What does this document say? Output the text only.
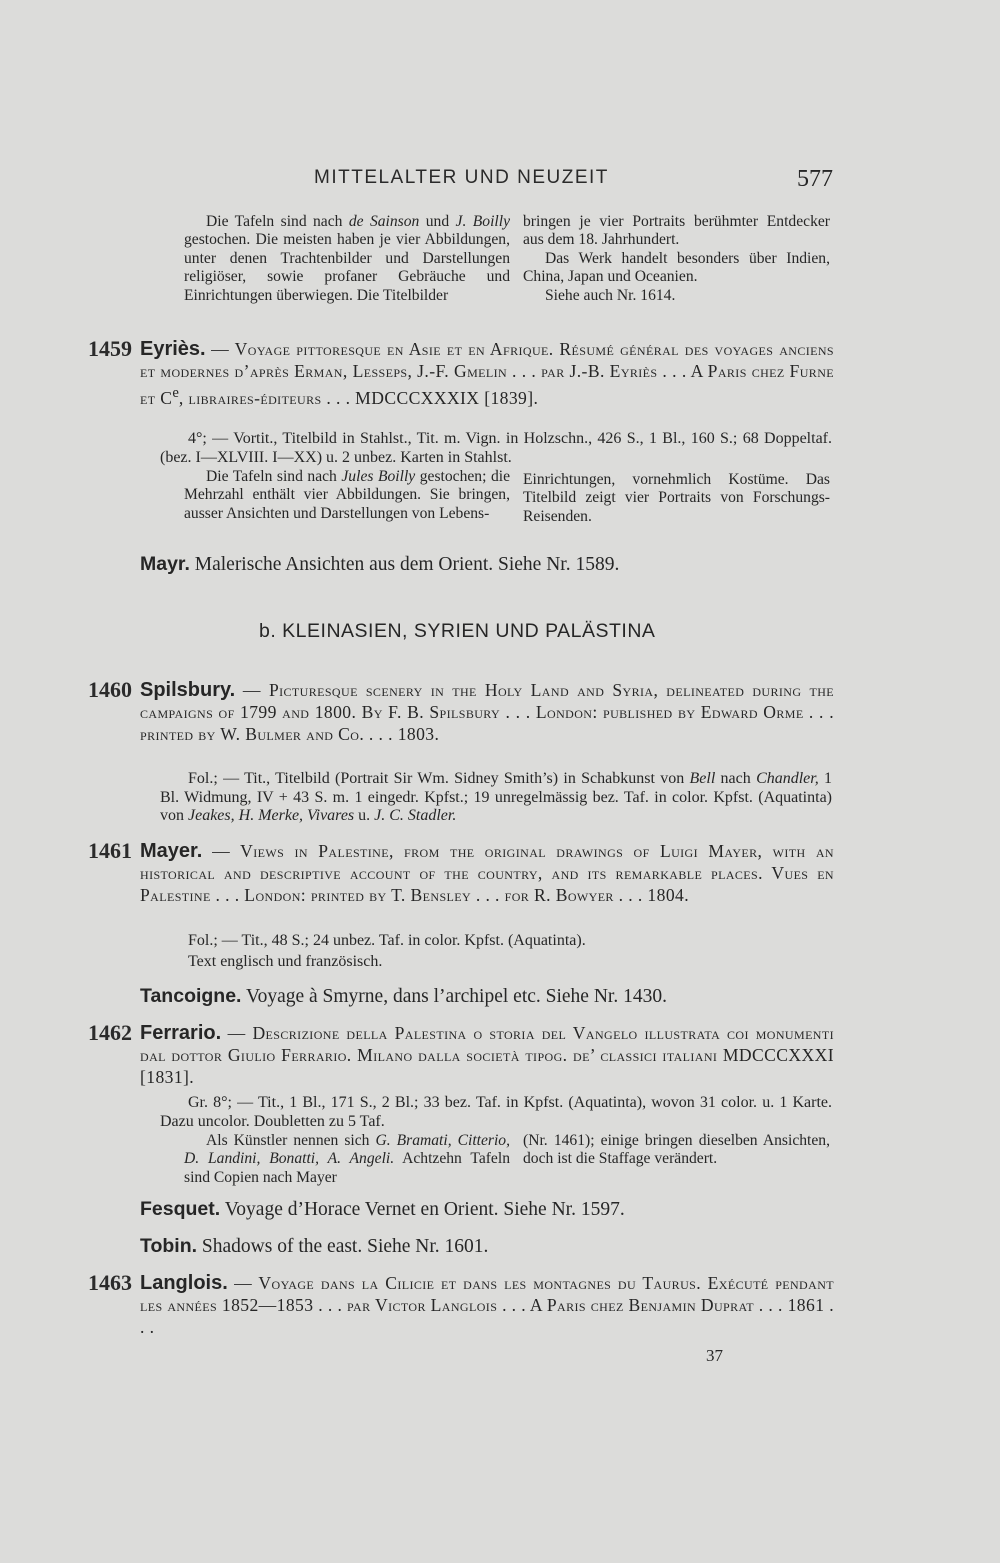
MITTELALTER UND NEUZEIT	577
Die Tafeln sind nach de Sainson und J. Boilly gestochen. Die meisten haben je vier Abbildungen, unter denen Trachtenbilder und Darstellungen religiöser, sowie profaner Gebräuche und Einrichtungen überwiegen. Die Titelbilder
bringen je vier Portraits berühmter Entdecker aus dem 18. Jahrhundert.
Das Werk handelt besonders über Indien, China, Japan und Oceanien.
Siehe auch Nr. 1614.
1459 Eyriès. — Voyage pittoresque en Asie et en Afrique. Résumé général des voyages anciens et modernes d’après Erman, Lesseps, J.-F. Gmelin . . . par J.-B. Eyriès . . . A Paris chez Furne et Ce, libraires-éditeurs . . . MDCCCXXXIX [1839].
4°; — Vortit., Titelbild in Stahlst., Tit. m. Vign. in Holzschn., 426 S., 1 Bl., 160 S.; 68 Doppeltaf. (bez. I—XLVIII. I—XX) u. 2 unbez. Karten in Stahlst.
Die Tafeln sind nach Jules Boilly gestochen; die Mehrzahl enthält vier Abbildungen. Sie bringen, ausser Ansichten und Darstellungen von Lebens-
Einrichtungen, vornehmlich Kostüme. Das Titelbild zeigt vier Portraits von Forschungs-Reisenden.
Mayr. Malerische Ansichten aus dem Orient. Siehe Nr. 1589.
b. KLEINASIEN, SYRIEN UND PALÄSTINA
1460 Spilsbury. — Picturesque scenery in the Holy Land and Syria, delineated during the campaigns of 1799 and 1800. By F. B. Spilsbury . . . London: published by Edward Orme . . . printed by W. Bulmer and Co. . . . 1803.
Fol.; — Tit., Titelbild (Portrait Sir Wm. Sidney Smith’s) in Schabkunst von Bell nach Chandler, 1 Bl. Widmung, IV + 43 S. m. 1 eingedr. Kpfst.; 19 unregelmässig bez. Taf. in color. Kpfst. (Aquatinta) von Jeakes, H. Merke, Vivares u. J. C. Stadler.
1461 Mayer. — Views in Palestine, from the original drawings of Luigi Mayer, with an historical and descriptive account of the country, and its remarkable places. Vues en Palestine . . . London: printed by T. Bensley . . . for R. Bowyer . . . 1804.
Fol.; — Tit., 48 S.; 24 unbez. Taf. in color. Kpfst. (Aquatinta).
Text englisch und französisch.
Tancoigne. Voyage à Smyrne, dans l’archipel etc. Siehe Nr. 1430.
1462 Ferrario. — Descrizione della Palestina o storia del Vangelo illustrata coi monumenti dal dottor Giulio Ferrario. Milano dalla società tipog. de’ classici italiani MDCCCXXXI [1831].
Gr. 8°; — Tit., 1 Bl., 171 S., 2 Bl.; 33 bez. Taf. in Kpfst. (Aquatinta), wovon 31 color. u. 1 Karte. Dazu uncolor. Doubletten zu 5 Taf.
Als Künstler nennen sich G. Bramati, Citterio, D. Landini, Bonatti, A. Angeli. Achtzehn Tafeln sind Copien nach Mayer
(Nr. 1461); einige bringen dieselben Ansichten, doch ist die Staffage verändert.
Fesquet. Voyage d’Horace Vernet en Orient. Siehe Nr. 1597.
Tobin. Shadows of the east. Siehe Nr. 1601.
1463 Langlois. — Voyage dans la Cilicie et dans les montagnes du Taurus. Exécuté pendant les années 1852—1853 . . . par Victor Langlois . . . A Paris chez Benjamin Duprat . . . 1861 . . .
37
